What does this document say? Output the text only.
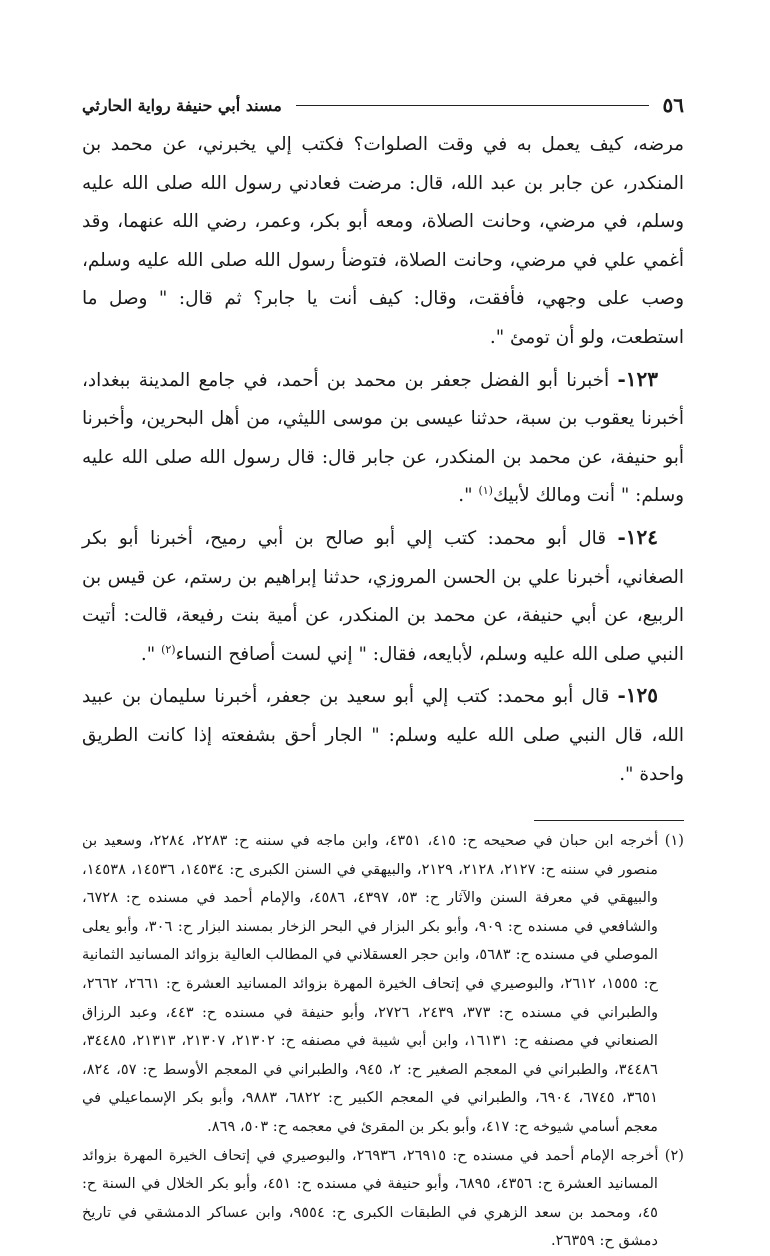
٥٦
مسند أبي حنيفة رواية الحارثي

مرضه، كيف يعمل به في وقت الصلوات؟ فكتب إلي يخبرني، عن محمد بن المنكدر، عن جابر بن عبد الله، قال: مرضت فعادني رسول الله صلى الله عليه وسلم، في مرضي، وحانت الصلاة، ومعه أبو بكر، وعمر، رضي الله عنهما، وقد أغمي علي في مرضي، وحانت الصلاة، فتوضأ رسول الله صلى الله عليه وسلم، وصب على وجهي، فأفقت، وقال: كيف أنت يا جابر؟ ثم قال: " وصل ما استطعت، ولو أن تومئ ".

١٢٣- أخبرنا أبو الفضل جعفر بن محمد بن أحمد، في جامع المدينة ببغداد، أخبرنا يعقوب بن سبة، حدثنا عيسى بن موسى الليثي، من أهل البحرين، وأخبرنا أبو حنيفة، عن محمد بن المنكدر، عن جابر قال: قال رسول الله صلى الله عليه وسلم: " أنت ومالك لأبيك$^{(١)}$ ".

١٢٤- قال أبو محمد: كتب إلي أبو صالح بن أبي رميح، أخبرنا أبو بكر الصغاني، أخبرنا علي بن الحسن المروزي، حدثنا إبراهيم بن رستم، عن قيس بن الربيع، عن أبي حنيفة، عن محمد بن المنكدر، عن أمية بنت رفيعة، قالت: أتيت النبي صلى الله عليه وسلم، لأبايعه، فقال: " إني لست أصافح النساء$^{(٢)}$ ".

١٢٥- قال أبو محمد: كتب إلي أبو سعيد بن جعفر، أخبرنا سليمان بن عبيد الله، قال النبي صلى الله عليه وسلم: " الجار أحق بشفعته إذا كانت الطريق واحدة ".

(١) أخرجه ابن حبان في صحيحه ح: ٤١٥، ٤٣٥١، وابن ماجه في سننه ح: ٢٢٨٣، ٢٢٨٤، وسعيد بن منصور في سننه ح: ٢١٢٧، ٢١٢٨، ٢١٢٩، والبيهقي في السنن الكبرى ح: ١٤٥٣٤، ١٤٥٣٦، ١٤٥٣٨، والبيهقي في معرفة السنن والآثار ح: ٥٣، ٤٣٩٧، ٤٥٨٦، والإمام أحمد في مسنده ح: ٦٧٢٨، والشافعي في مسنده ح: ٩٠٩، وأبو بكر البزار في البحر الزخار بمسند البزار ح: ٣٠٦، وأبو يعلى الموصلي في مسنده ح: ٥٦٨٣، وابن حجر العسقلاني في المطالب العالية بزوائد المسانيد الثمانية ح: ١٥٥٥، ٢٦١٢، والبوصيري في إتحاف الخيرة المهرة بزوائد المسانيد العشرة ح: ٢٦٦١، ٢٦٦٢، والطبراني في مسنده ح: ٣٧٣، ٢٤٣٩، ٢٧٢٦، وأبو حنيفة في مسنده ح: ٤٤٣، وعبد الرزاق الصنعاني في مصنفه ح: ١٦١٣١، وابن أبي شيبة في مصنفه ح: ٢١٣٠٢، ٢١٣٠٧، ٢١٣١٣، ٣٤٤٨٥، ٣٤٤٨٦، والطبراني في المعجم الصغير ح: ٢، ٩٤٥، والطبراني في المعجم الأوسط ح: ٥٧، ٨٢٤، ٣٦٥١، ٦٧٤٥، ٦٩٠٤، والطبراني في المعجم الكبير ح: ٦٨٢٢، ٩٨٨٣، وأبو بكر الإسماعيلي في معجم أسامي شيوخه ح: ٤١٧، وأبو بكر بن المقرئ في معجمه ح: ٥٠٣، ٨٦٩.

(٢) أخرجه الإمام أحمد في مسنده ح: ٢٦٩١٥، ٢٦٩٣٦، والبوصيري في إتحاف الخيرة المهرة بزوائد المسانيد العشرة ح: ٤٣٥٦، ٦٨٩٥، وأبو حنيفة في مسنده ح: ٤٥١، وأبو بكر الخلال في السنة ح: ٤٥، ومحمد بن سعد الزهري في الطبقات الكبرى ح: ٩٥٥٤، وابن عساكر الدمشقي في تاريخ دمشق ح: ٢٦٣٥٩.
